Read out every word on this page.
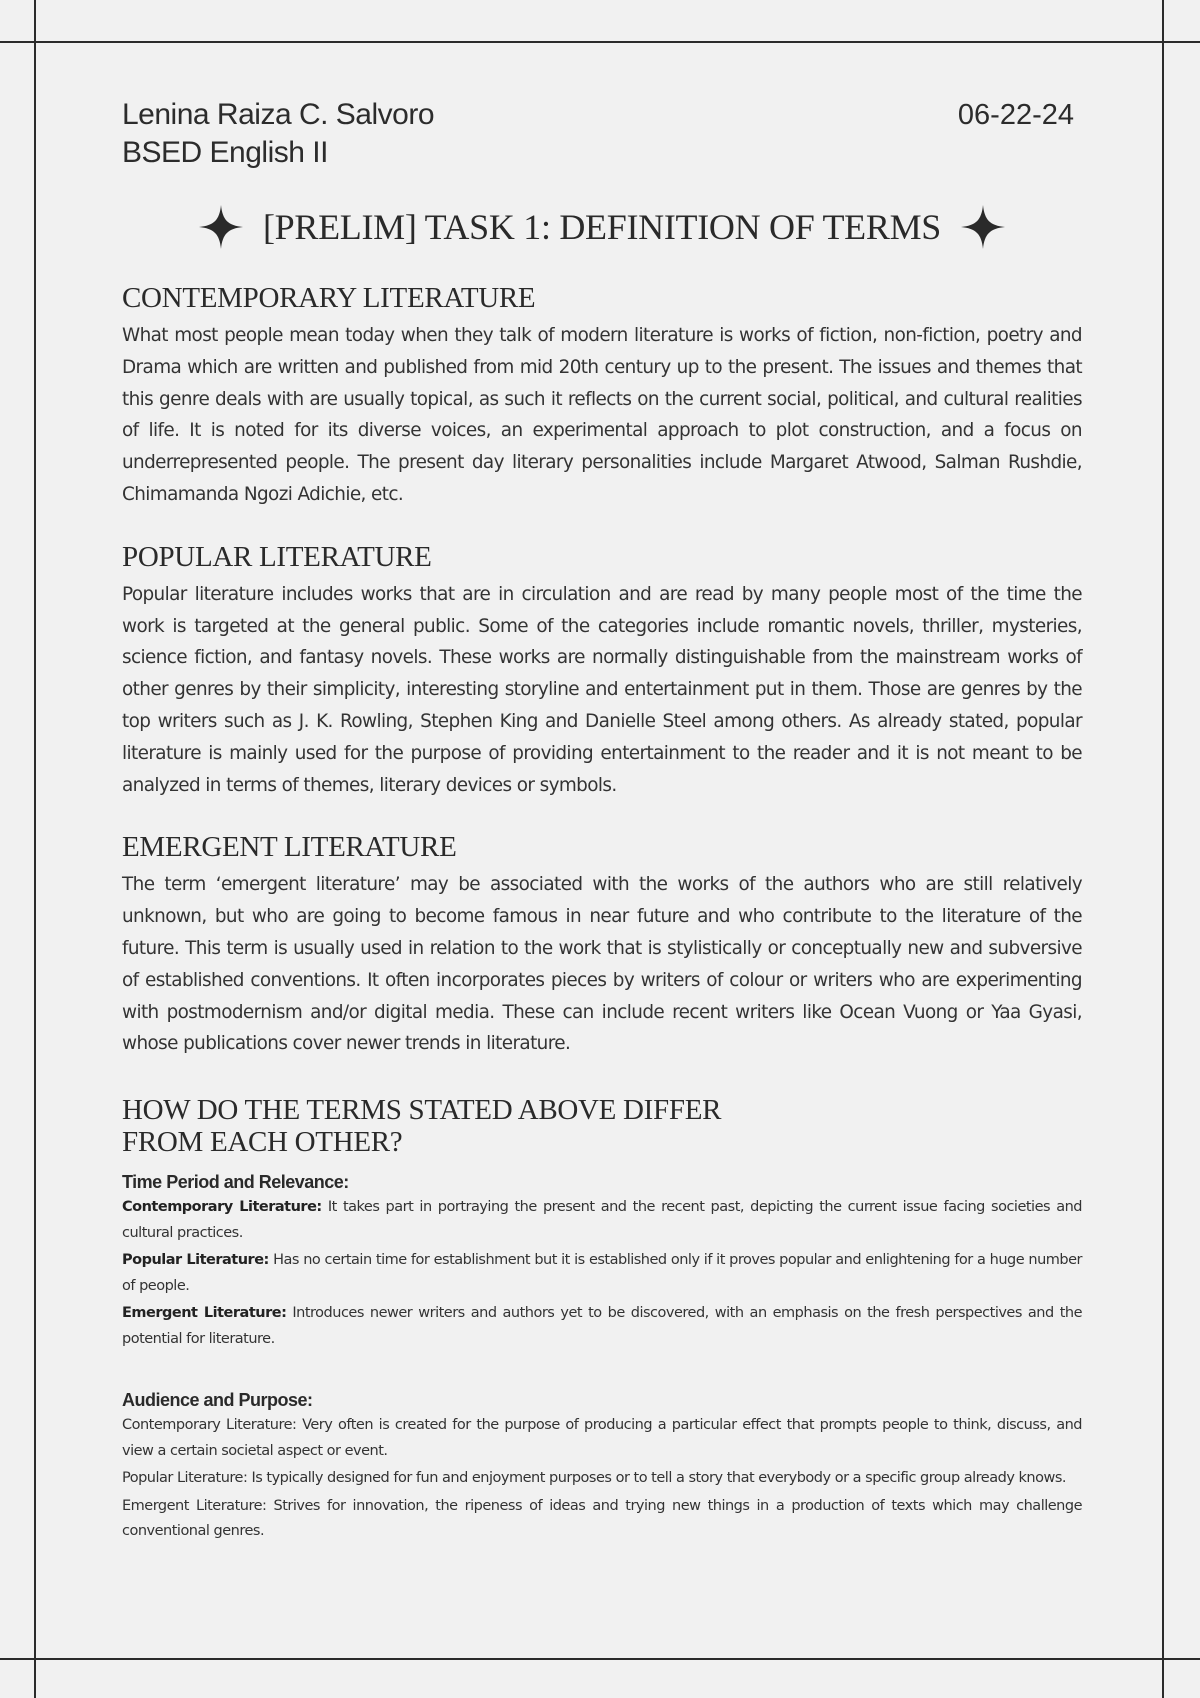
Lenina Raiza C. Salvoro
BSED English II
06-22-24
[PRELIM] TASK 1: DEFINITION OF TERMS
CONTEMPORARY LITERATURE

What most people mean today when they talk of modern literature is works of fiction, non-fiction, poetry and Drama which are written and published from mid 20th century up to the present. The issues and themes that this genre deals with are usually topical, as such it reflects on the current social, political, and cultural realities of life. It is noted for its diverse voices, an experimental approach to plot construction, and a focus on underrepresented people. The present day literary personalities include Margaret Atwood, Salman Rushdie, Chimamanda Ngozi Adichie, etc.

POPULAR LITERATURE

Popular literature includes works that are in circulation and are read by many people most of the time the work is targeted at the general public. Some of the categories include romantic novels, thriller, mysteries, science fiction, and fantasy novels. These works are normally distinguishable from the mainstream works of other genres by their simplicity, interesting storyline and entertainment put in them. Those are genres by the top writers such as J. K. Rowling, Stephen King and Danielle Steel among others. As already stated, popular literature is mainly used for the purpose of providing entertainment to the reader and it is not meant to be analyzed in terms of themes, literary devices or symbols.

EMERGENT LITERATURE

The term ‘emergent literature’ may be associated with the works of the authors who are still relatively unknown, but who are going to become famous in near future and who contribute to the literature of the future. This term is usually used in relation to the work that is stylistically or conceptually new and subversive of established conventions. It often incorporates pieces by writers of colour or writers who are experimenting with postmodernism and/or digital media. These can include recent writers like Ocean Vuong or Yaa Gyasi, whose publications cover newer trends in literature.

HOW DO THE TERMS STATED ABOVE DIFFER
FROM EACH OTHER?
Time Period and Relevance:

Contemporary Literature: It takes part in portraying the present and the recent past, depicting the current issue facing societies and cultural practices.

Popular Literature: Has no certain time for establishment but it is established only if it proves popular and enlightening for a huge number of people.

Emergent Literature: Introduces newer writers and authors yet to be discovered, with an emphasis on the fresh perspectives and the potential for literature.

Audience and Purpose:

Contemporary Literature: Very often is created for the purpose of producing a particular effect that prompts people to think, discuss, and view a certain societal aspect or event.

Popular Literature: Is typically designed for fun and enjoyment purposes or to tell a story that everybody or a specific group already knows.

Emergent Literature: Strives for innovation, the ripeness of ideas and trying new things in a production of texts which may challenge conventional genres.
